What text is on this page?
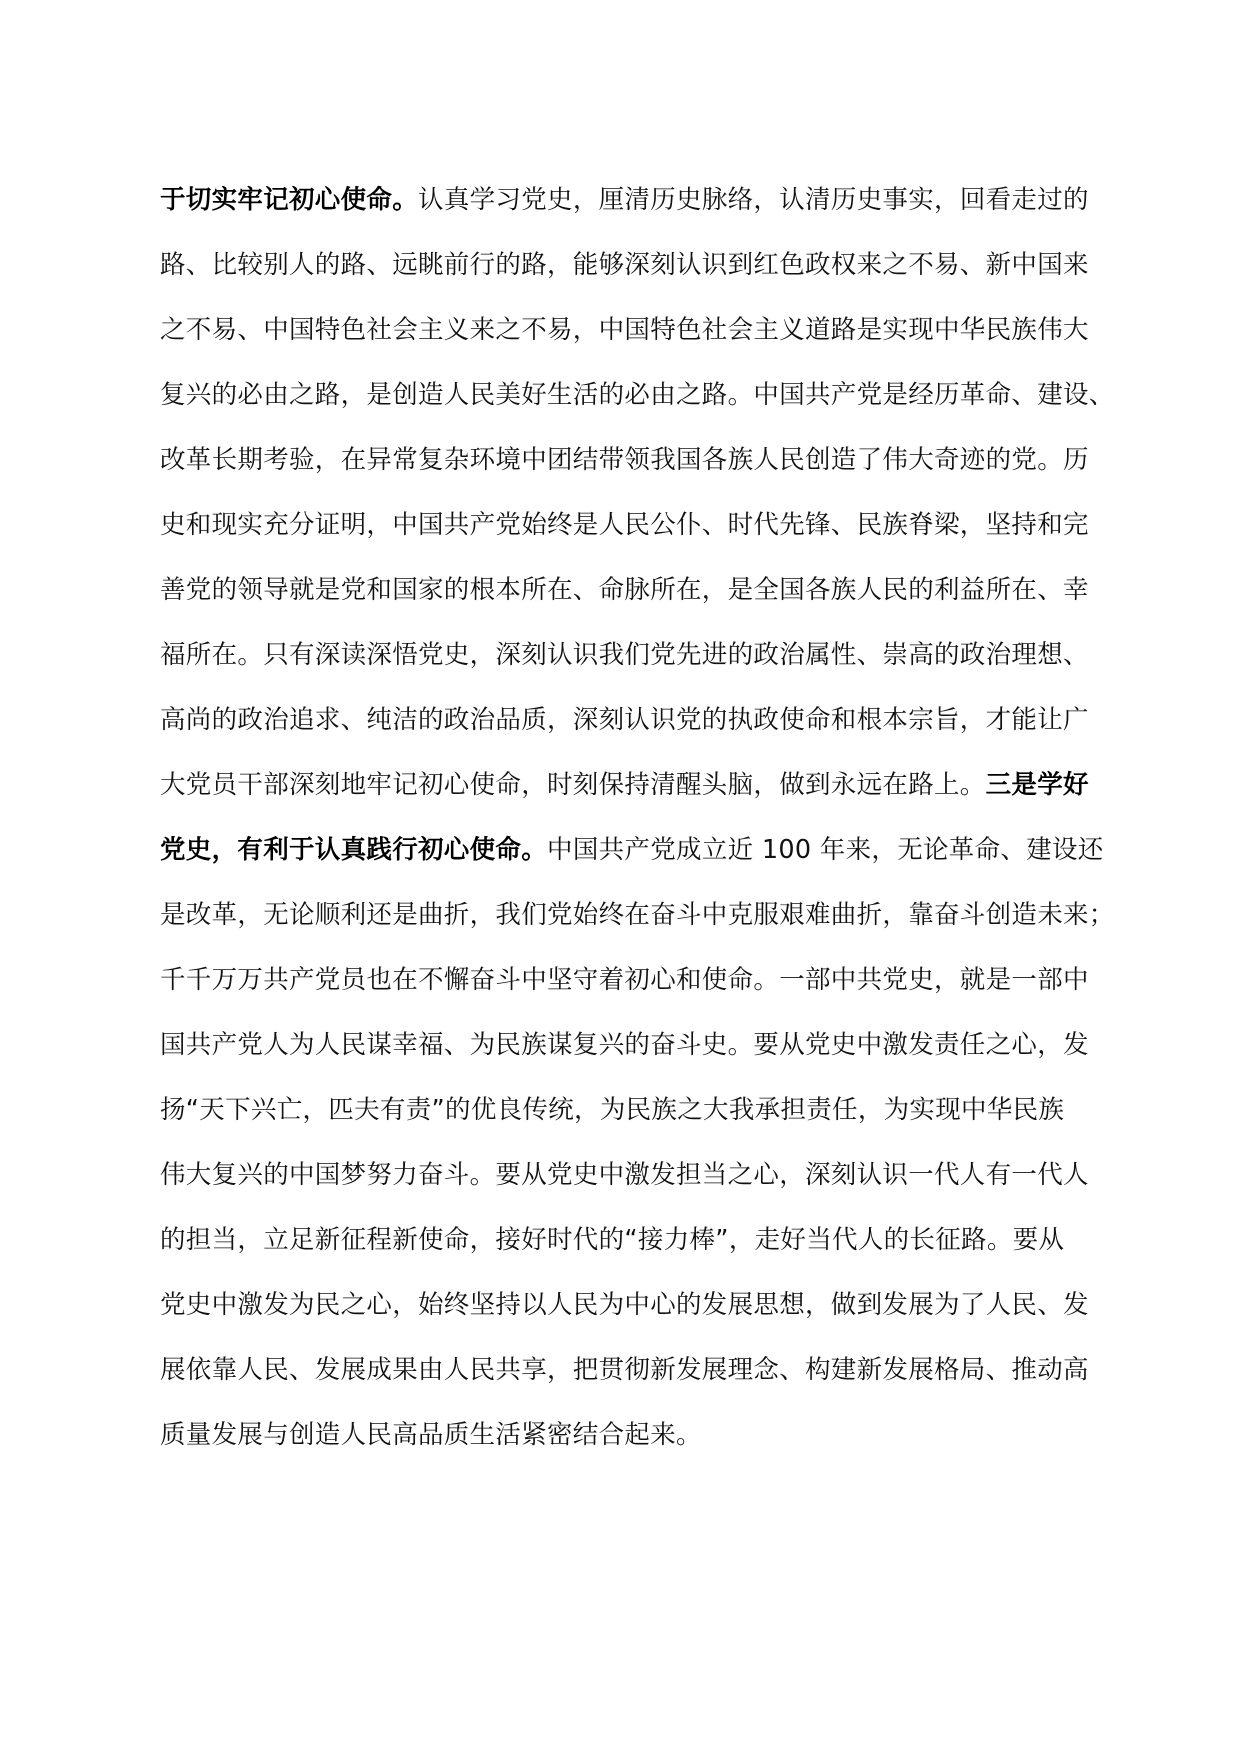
于切实牢记初心使命。认真学习党史，厘清历史脉络，认清历史事实，回看走过的
路、比较别人的路、远眺前行的路，能够深刻认识到红色政权来之不易、新中国来
之不易、中国特色社会主义来之不易，中国特色社会主义道路是实现中华民族伟大
复兴的必由之路，是创造人民美好生活的必由之路。中国共产党是经历革命、建设、
改革长期考验，在异常复杂环境中团结带领我国各族人民创造了伟大奇迹的党。历
史和现实充分证明，中国共产党始终是人民公仆、时代先锋、民族脊梁，坚持和完
善党的领导就是党和国家的根本所在、命脉所在，是全国各族人民的利益所在、幸
福所在。只有深读深悟党史，深刻认识我们党先进的政治属性、崇高的政治理想、
高尚的政治追求、纯洁的政治品质，深刻认识党的执政使命和根本宗旨，才能让广
大党员干部深刻地牢记初心使命，时刻保持清醒头脑，做到永远在路上。三是学好
党史，有利于认真践行初心使命。中国共产党成立近 100 年来，无论革命、建设还
是改革，无论顺利还是曲折，我们党始终在奋斗中克服艰难曲折，靠奋斗创造未来；
千千万万共产党员也在不懈奋斗中坚守着初心和使命。一部中共党史，就是一部中
国共产党人为人民谋幸福、为民族谋复兴的奋斗史。要从党史中激发责任之心，发
扬“天下兴亡，匹夫有责”的优良传统，为民族之大我承担责任，为实现中华民族
伟大复兴的中国梦努力奋斗。要从党史中激发担当之心，深刻认识一代人有一代人
的担当，立足新征程新使命，接好时代的“接力棒”，走好当代人的长征路。要从
党史中激发为民之心，始终坚持以人民为中心的发展思想，做到发展为了人民、发
展依靠人民、发展成果由人民共享，把贯彻新发展理念、构建新发展格局、推动高
质量发展与创造人民高品质生活紧密结合起来。
